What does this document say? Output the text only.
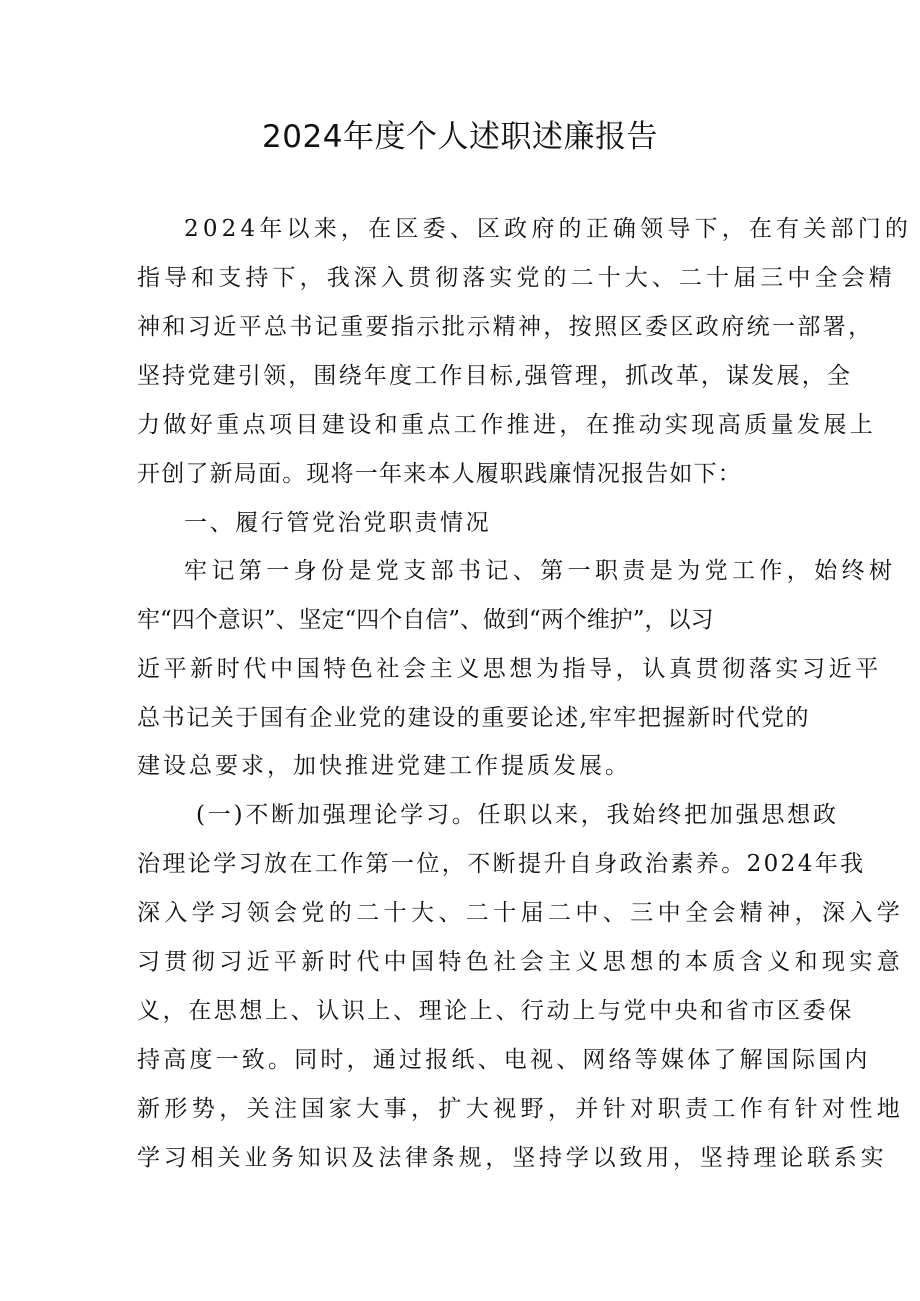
2024年度个人述职述廉报告

2024年以来，在区委、区政府的正确领导下，在有关部门的

指导和支持下，我深入贯彻落实党的二十大、二十届三中全会精

神和习近平总书记重要指示批示精神，按照区委区政府统一部署，

坚持党建引领，围绕年度工作目标,强管理，抓改革，谋发展，全

力做好重点项目建设和重点工作推进，在推动实现高质量发展上

开创了新局面。现将一年来本人履职践廉情况报告如下：

一、履行管党治党职责情况

牢记第一身份是党支部书记、第一职责是为党工作，始终树

牢“四个意识”、坚定“四个自信”、做到“两个维护”，以习

近平新时代中国特色社会主义思想为指导，认真贯彻落实习近平

总书记关于国有企业党的建设的重要论述,牢牢把握新时代党的

建设总要求，加快推进党建工作提质发展。

(一)不断加强理论学习。任职以来，我始终把加强思想政

治理论学习放在工作第一位，不断提升自身政治素养。2024年我

深入学习领会党的二十大、二十届二中、三中全会精神，深入学

习贯彻习近平新时代中国特色社会主义思想的本质含义和现实意

义，在思想上、认识上、理论上、行动上与党中央和省市区委保

持高度一致。同时，通过报纸、电视、网络等媒体了解国际国内

新形势，关注国家大事，扩大视野，并针对职责工作有针对性地

学习相关业务知识及法律条规，坚持学以致用，坚持理论联系实
